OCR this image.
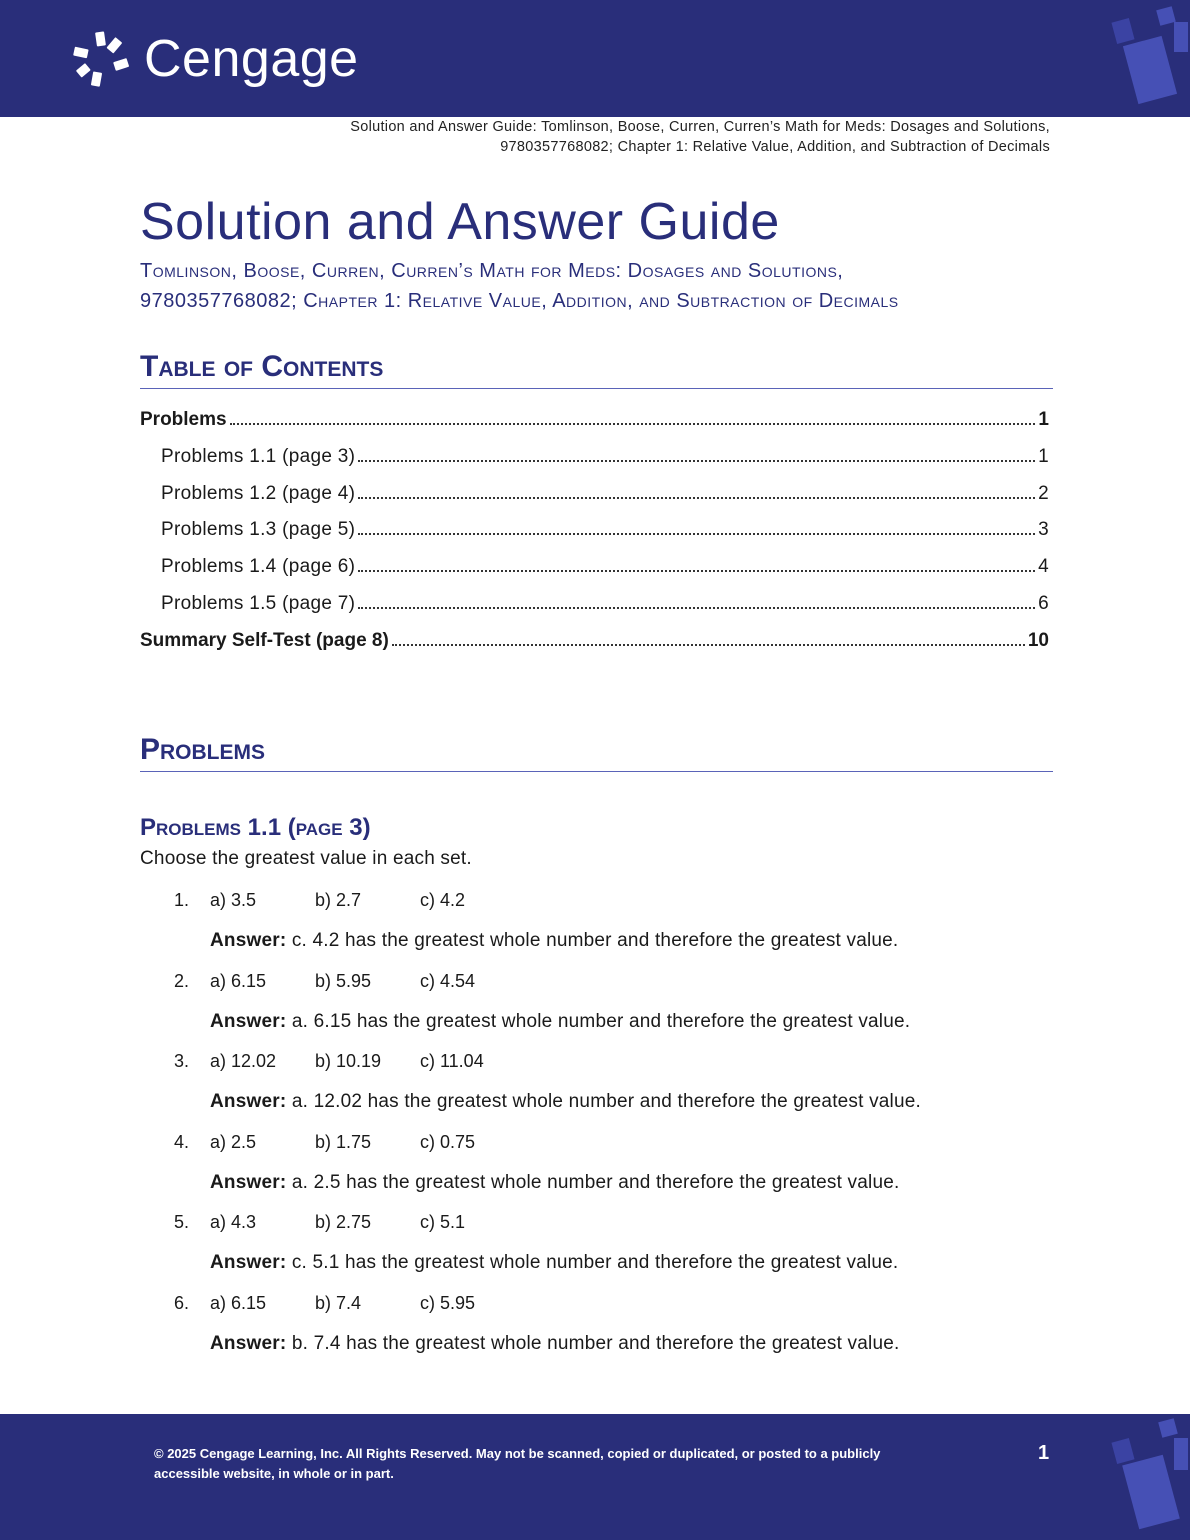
Cengage
Solution and Answer Guide: Tomlinson, Boose, Curren, Curren’s Math for Meds: Dosages and Solutions,
9780357768082; Chapter 1: Relative Value, Addition, and Subtraction of Decimals
Solution and Answer Guide
Tomlinson, Boose, Curren, Curren’s Math for Meds: Dosages and Solutions,
9780357768082; Chapter 1: Relative Value, Addition, and Subtraction of Decimals
Table of Contents
Problems	1
Problems 1.1 (page 3)	1
Problems 1.2 (page 4)	2
Problems 1.3 (page 5)	3
Problems 1.4 (page 6)	4
Problems 1.5 (page 7)	6
Summary Self-Test (page 8)	10
Problems
Problems 1.1 (page 3)
Choose the greatest value in each set.
1. a) 3.5	b) 2.7	c) 4.2
Answer: c. 4.2 has the greatest whole number and therefore the greatest value.
2. a) 6.15	b) 5.95	c) 4.54
Answer: a. 6.15 has the greatest whole number and therefore the greatest value.
3. a) 12.02 b) 10.19 c) 11.04
Answer: a. 12.02 has the greatest whole number and therefore the greatest value.
4. a) 2.5	b) 1.75	c) 0.75
Answer: a. 2.5 has the greatest whole number and therefore the greatest value.
5. a) 4.3	b) 2.75	c) 5.1
Answer: c. 5.1 has the greatest whole number and therefore the greatest value.
6. a) 6.15	b) 7.4	c) 5.95
Answer: b. 7.4 has the greatest whole number and therefore the greatest value.
© 2025 Cengage Learning, Inc. All Rights Reserved. May not be scanned, copied or duplicated, or posted to a publicly
accessible website, in whole or in part.
1
